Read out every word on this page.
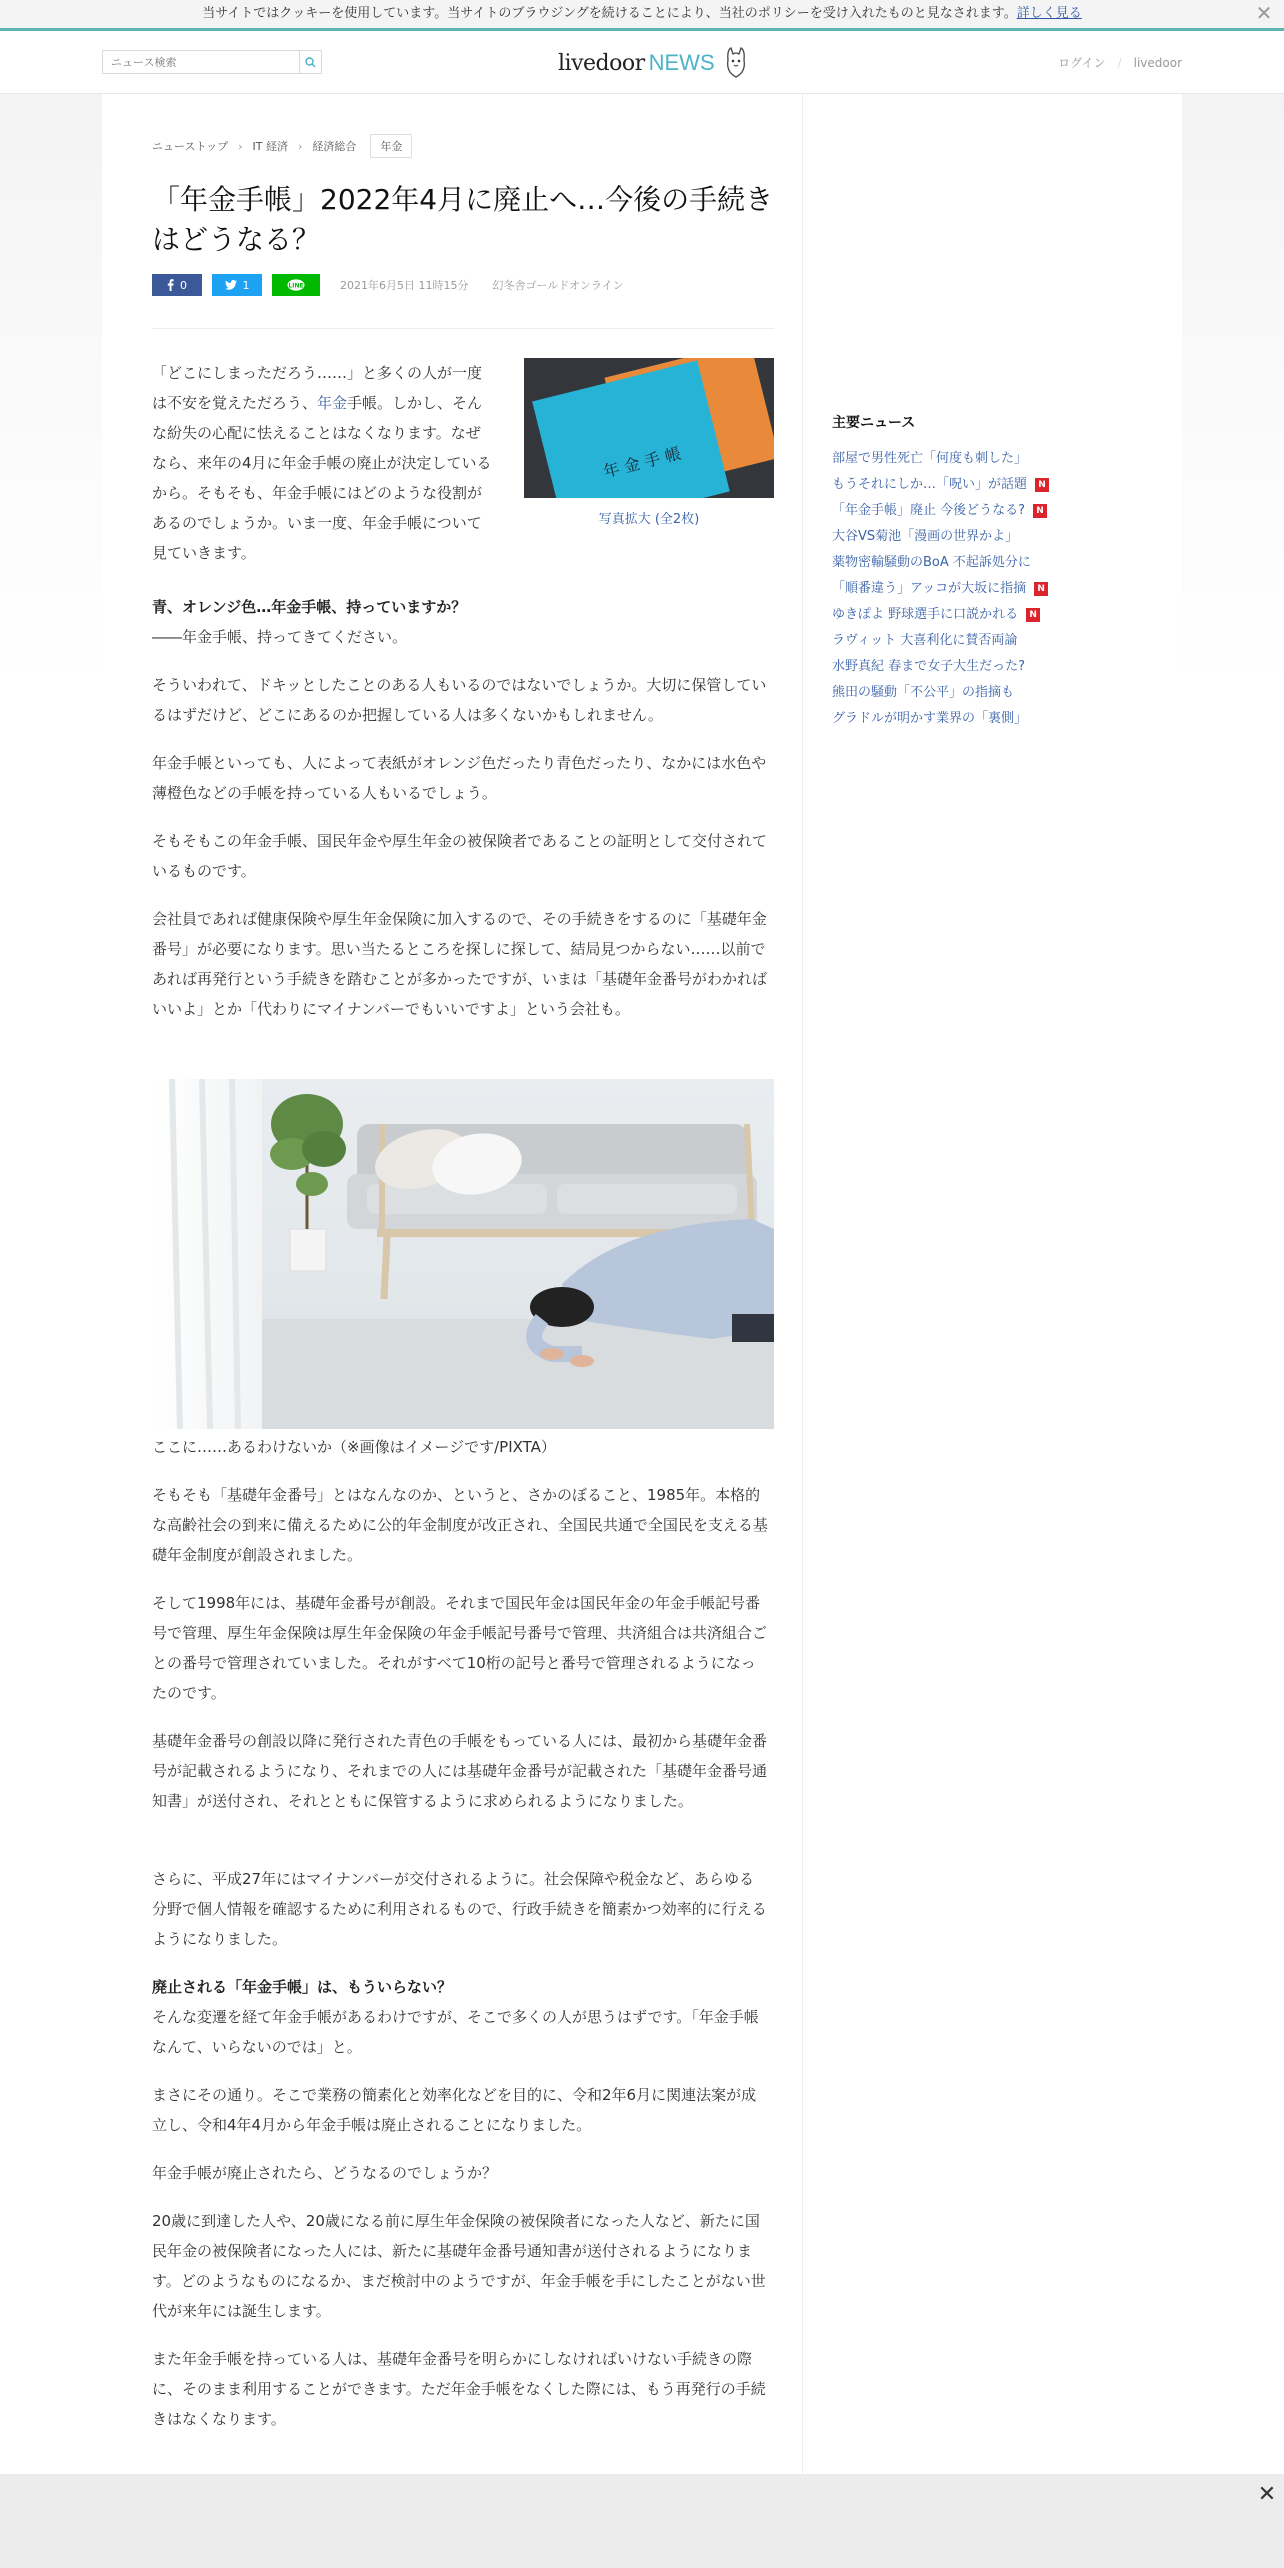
当サイトではクッキーを使用しています。当サイトのブラウジングを続けることにより、当社のポリシーを受け入れたものと見なされます。詳しく見る	✕
ニュース検索
livedoor NEWS	ログイン / livedoor
ニューストップ › IT 経済 › 経済総合	年金
「年金手帳」2022年4月に廃止へ…今後の手続きはどうなる？
0	1	LINE	2021年6月5日 11時15分 幻冬舎ゴールドオンライン

「どこにしまっただろう……」と多くの人が一度は不安を覚えただろう、年金手帳。しかし、そんな紛失の心配に怯えることはなくなります。なぜなら、来年の4月に年金手帳の廃止が決定しているから。そもそも、年金手帳にはどのような役割があるのでしょうか。いま一度、年金手帳について見ていきます。

年 金 手 帳
写真拡大 (全2枚)

青、オレンジ色…年金手帳、持っていますか？

――年金手帳、持ってきてください。

そういわれて、ドキッとしたことのある人もいるのではないでしょうか。大切に保管しているはずだけど、どこにあるのか把握している人は多くないかもしれません。

年金手帳といっても、人によって表紙がオレンジ色だったり青色だったり、なかには水色や薄橙色などの手帳を持っている人もいるでしょう。

そもそもこの年金手帳、国民年金や厚生年金の被保険者であることの証明として交付されているものです。

会社員であれば健康保険や厚生年金保険に加入するので、その手続きをするのに「基礎年金番号」が必要になります。思い当たるところを探しに探して、結局見つからない……以前であれば再発行という手続きを踏むことが多かったですが、いまは「基礎年金番号がわかればいいよ」とか「代わりにマイナンバーでもいいですよ」という会社も。

ここに……あるわけないか（※画像はイメージです/PIXTA）

そもそも「基礎年金番号」とはなんなのか、というと、さかのぼること、1985年。本格的な高齢社会の到来に備えるために公的年金制度が改正され、全国民共通で全国民を支える基礎年金制度が創設されました。

そして1998年には、基礎年金番号が創設。それまで国民年金は国民年金の年金手帳記号番号で管理、厚生年金保険は厚生年金保険の年金手帳記号番号で管理、共済組合は共済組合ごとの番号で管理されていました。それがすべて10桁の記号と番号で管理されるようになったのです。

基礎年金番号の創設以降に発行された青色の手帳をもっている人には、最初から基礎年金番号が記載されるようになり、それまでの人には基礎年金番号が記載された「基礎年金番号通知書」が送付され、それとともに保管するように求められるようになりました。

さらに、平成27年にはマイナンバーが交付されるように。社会保障や税金など、あらゆる分野で個人情報を確認するために利用されるもので、行政手続きを簡素かつ効率的に行えるようになりました。

廃止される「年金手帳」は、もういらない？

そんな変遷を経て年金手帳があるわけですが、そこで多くの人が思うはずです。「年金手帳なんて、いらないのでは」と。

まさにその通り。そこで業務の簡素化と効率化などを目的に、令和2年6月に関連法案が成立し、令和4年4月から年金手帳は廃止されることになりました。

年金手帳が廃止されたら、どうなるのでしょうか？

20歳に到達した人や、20歳になる前に厚生年金保険の被保険者になった人など、新たに国民年金の被保険者になった人には、新たに基礎年金番号通知書が送付されるようになります。どのようなものになるか、まだ検討中のようですが、年金手帳を手にしたことがない世代が来年には誕生します。

また年金手帳を持っている人は、基礎年金番号を明らかにしなければいけない手続きの際に、そのまま利用することができます。ただ年金手帳をなくした際には、もう再発行の手続きはなくなります。

主要ニュース
部屋で男性死亡「何度も刺した」
もうそれにしか…「呪い」が話題	N
「年金手帳」廃止 今後どうなる?	N
大谷VS菊池「漫画の世界かよ」
薬物密輸騒動のBoA 不起訴処分に
「順番違う」アッコが大坂に指摘	N
ゆきぽよ 野球選手に口説かれる	N
ラヴィット 大喜利化に賛否両論
水野真紀 春まで女子大生だった?
熊田の騒動「不公平」の指摘も
グラドルが明かす業界の「裏側」
✕
